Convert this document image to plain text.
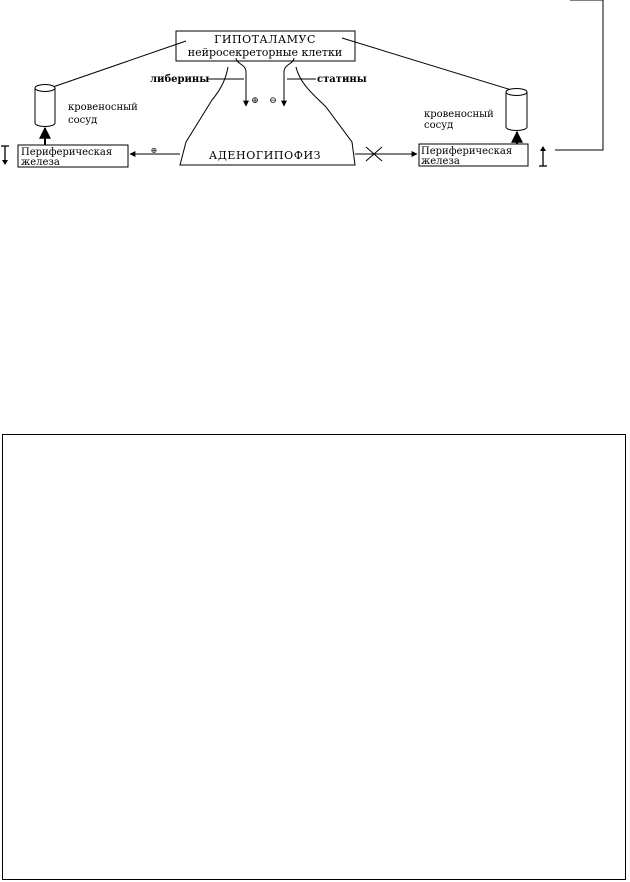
ГИПОТАЛАМУС
нейросекреторные клетки
АДЕНОГИПОФИЗ
либерины	статины
⊕ ⊖
кровеносный
сосуд
кровеносный
сосуд
Периферическая
железа
⊕	Периферическая
железа
